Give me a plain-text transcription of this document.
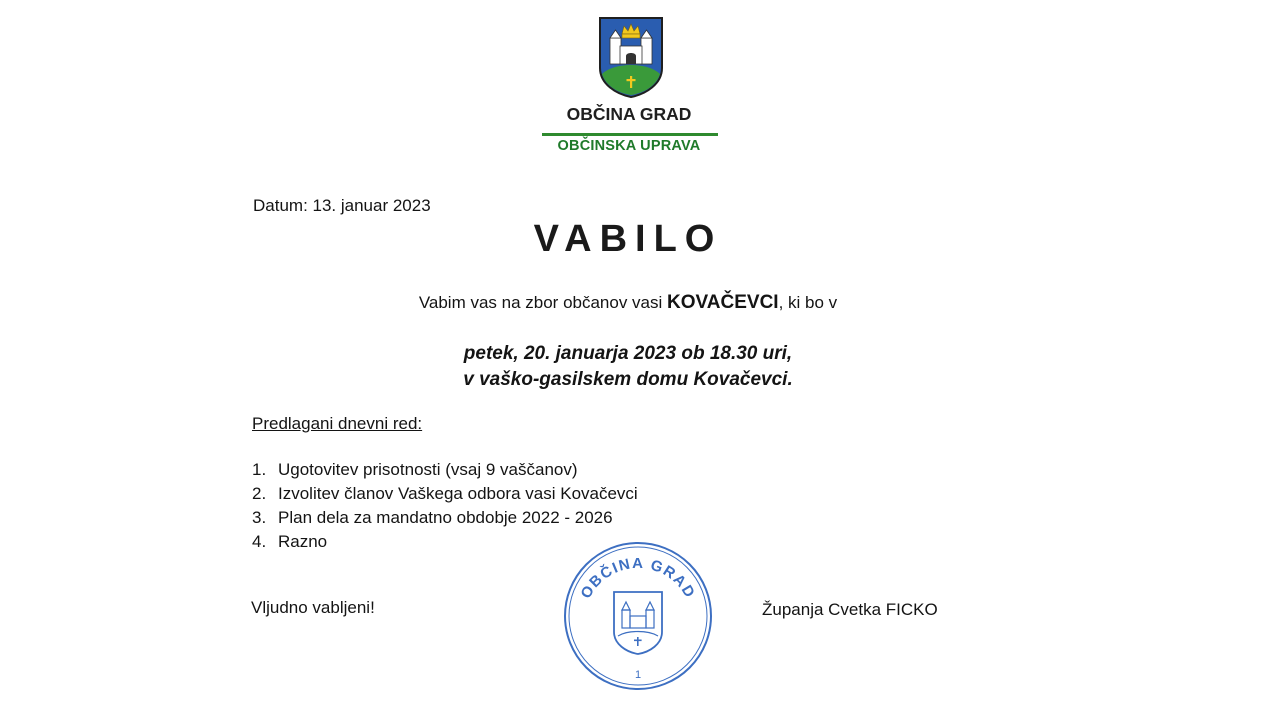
OBČINA GRAD
OBČINSKA UPRAVA
Datum: 13. januar 2023
VABILO
Vabim vas na zbor občanov vasi KOVAČEVCI, ki bo v
petek, 20. januarja 2023 ob 18.30 uri,
v vaško-gasilskem domu Kovačevci.
Predlagani dnevni red:
1. Ugotovitev prisotnosti (vsaj 9 vaščanov)
2. Izvolitev članov Vaškega odbora vasi Kovačevci
3. Plan dela za mandatno obdobje 2022 - 2026
4. Razno
Vljudno vabljeni!	Županja Cvetka FICKO
OBČINA GRAD
1
